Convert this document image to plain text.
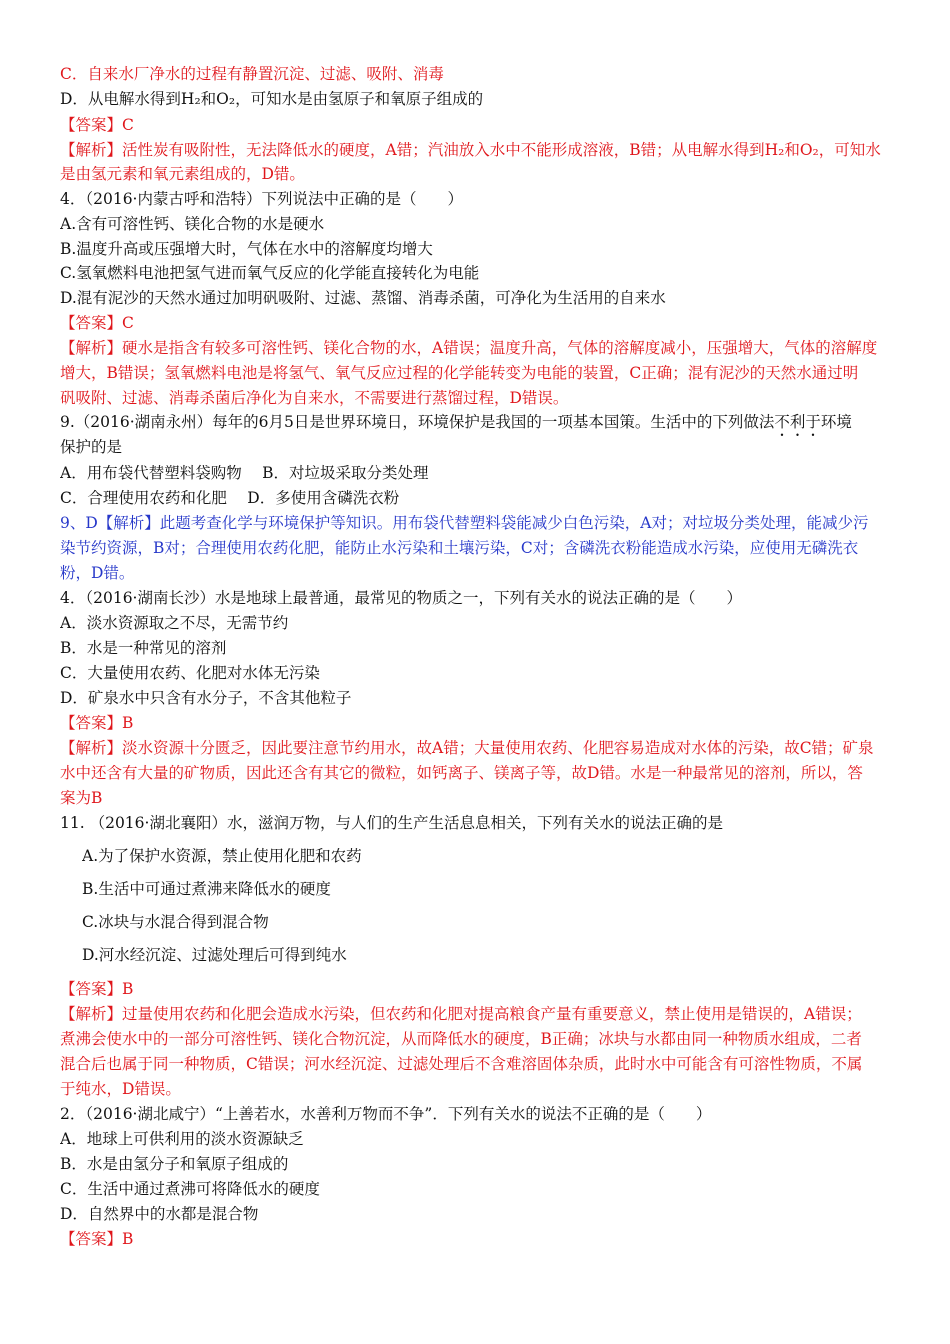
C．自来水厂净水的过程有静置沉淀、过滤、吸附、消毒
D．从电解水得到H₂和O₂，可知水是由氢原子和氧原子组成的
【答案】C
【解析】活性炭有吸附性，无法降低水的硬度，A错；汽油放入水中不能形成溶液，B错；从电解水得到H₂和O₂，可知水
是由氢元素和氧元素组成的，D错。
4．（2016·内蒙古呼和浩特）下列说法中正确的是（　　）
A.含有可溶性钙、镁化合物的水是硬水
B.温度升高或压强增大时，气体在水中的溶解度均增大
C.氢氧燃料电池把氢气进而氧气反应的化学能直接转化为电能
D.混有泥沙的天然水通过加明矾吸附、过滤、蒸馏、消毒杀菌，可净化为生活用的自来水
【答案】C
【解析】硬水是指含有较多可溶性钙、镁化合物的水，A错误；温度升高，气体的溶解度减小，压强增大，气体的溶解度
增大，B错误；氢氧燃料电池是将氢气、氧气反应过程的化学能转变为电能的装置，C正确；混有泥沙的天然水通过明
矾吸附、过滤、消毒杀菌后净化为自来水，不需要进行蒸馏过程，D错误。
9.（2016·湖南永州）每年的6月5日是世界环境日，环境保护是我国的一项基本国策。生活中的下列做法不利于环境
保护的是
A．用布袋代替塑料袋购物　 B．对垃圾采取分类处理
C．合理使用农药和化肥　 D．多使用含磷洗衣粉
9、D【解析】此题考查化学与环境保护等知识。用布袋代替塑料袋能减少白色污染，A对；对垃圾分类处理，能减少污
染节约资源，B对；合理使用农药化肥，能防止水污染和土壤污染，C对；含磷洗衣粉能造成水污染，应使用无磷洗衣
粉，D错。
4．（2016·湖南长沙）水是地球上最普通，最常见的物质之一，下列有关水的说法正确的是（　　）
A．淡水资源取之不尽，无需节约
B．水是一种常见的溶剂
C．大量使用农药、化肥对水体无污染
D．矿泉水中只含有水分子，不含其他粒子
【答案】B
【解析】淡水资源十分匮乏，因此要注意节约用水，故A错；大量使用农药、化肥容易造成对水体的污染，故C错；矿泉
水中还含有大量的矿物质，因此还含有其它的微粒，如钙离子、镁离子等，故D错。水是一种最常见的溶剂，所以，答
案为B
11. （2016·湖北襄阳）水，滋润万物，与人们的生产生活息息相关，下列有关水的说法正确的是
A.为了保护水资源，禁止使用化肥和农药
B.生活中可通过煮沸来降低水的硬度
C.冰块与水混合得到混合物
D.河水经沉淀、过滤处理后可得到纯水
【答案】B
【解析】过量使用农药和化肥会造成水污染，但农药和化肥对提高粮食产量有重要意义，禁止使用是错误的，A错误；
煮沸会使水中的一部分可溶性钙、镁化合物沉淀，从而降低水的硬度，B正确；冰块与水都由同一种物质水组成，二者
混合后也属于同一种物质，C错误；河水经沉淀、过滤处理后不含难溶固体杂质，此时水中可能含有可溶性物质，不属
于纯水，D错误。
2．（2016·湖北咸宁）“上善若水，水善利万物而不争”．下列有关水的说法不正确的是（　　）
A．地球上可供利用的淡水资源缺乏
B．水是由氢分子和氧原子组成的
C．生活中通过煮沸可将降低水的硬度
D．自然界中的水都是混合物
【答案】B
